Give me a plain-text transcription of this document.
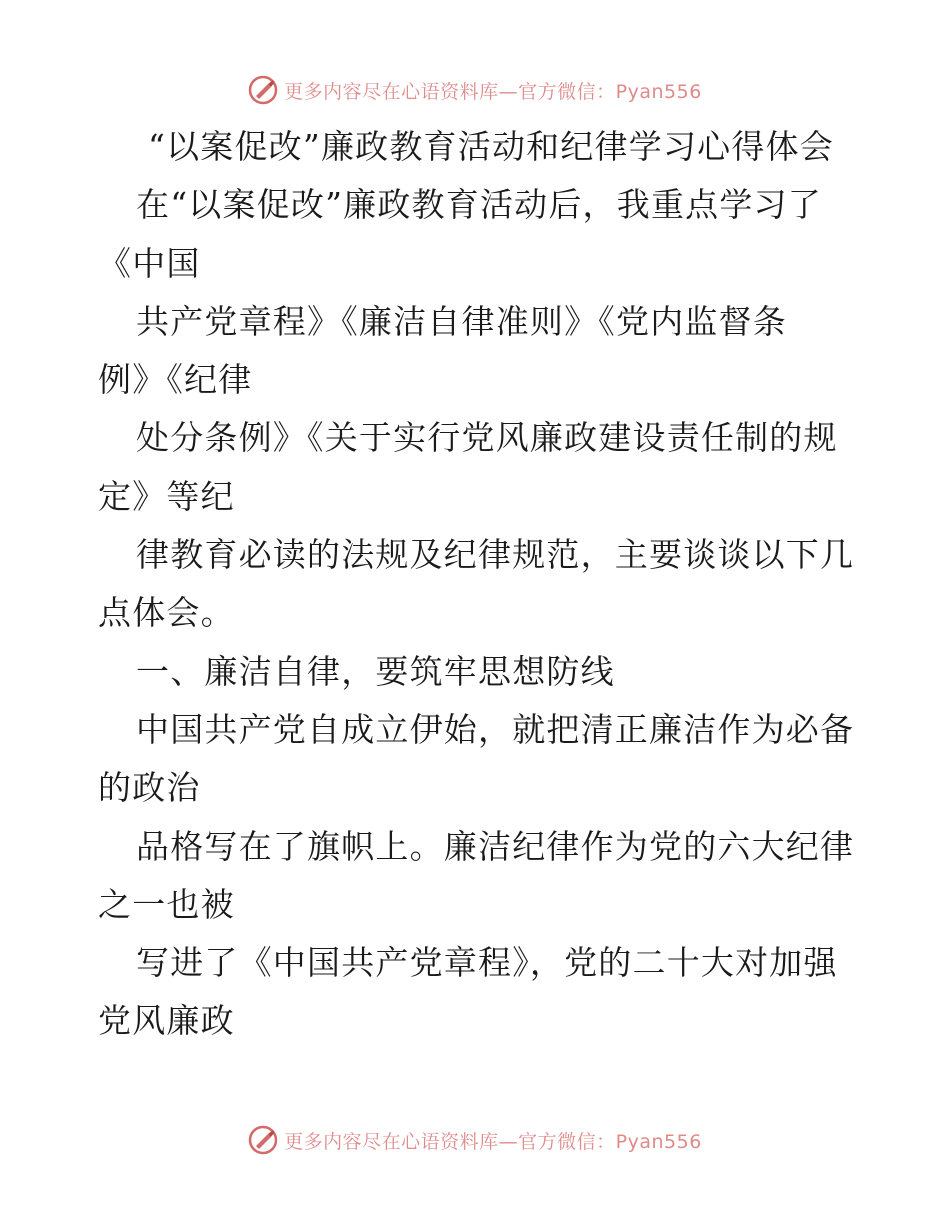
更多内容尽在心语资料库—官方微信：Pyan556
“以案促改”廉政教育活动和纪律学习心得体会
在“以案促改”廉政教育活动后，我重点学习了
《中国
共产党章程》《廉洁自律准则》《党内监督条
例》《纪律
处分条例》《关于实行党风廉政建设责任制的规
定》等纪
律教育必读的法规及纪律规范，主要谈谈以下几
点体会。
一、廉洁自律，要筑牢思想防线
中国共产党自成立伊始，就把清正廉洁作为必备
的政治
品格写在了旗帜上。廉洁纪律作为党的六大纪律
之一也被
写进了《中国共产党章程》，党的二十大对加强
党风廉政
更多内容尽在心语资料库—官方微信：Pyan556
